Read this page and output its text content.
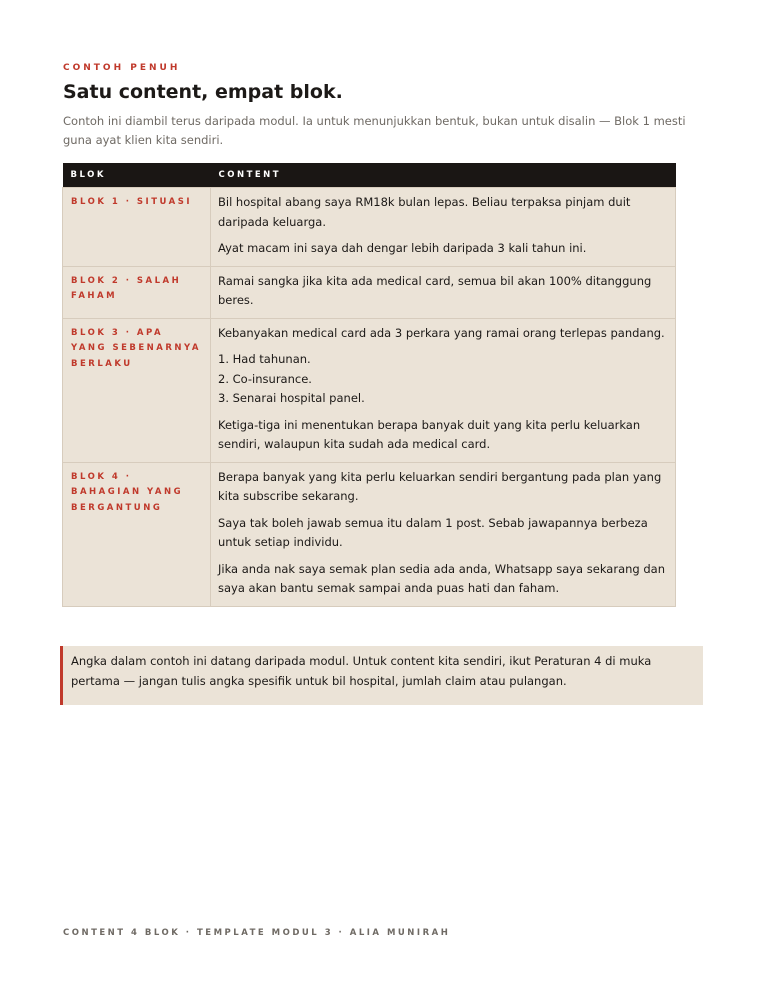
CONTOH PENUH
Satu content, empat blok.

Contoh ini diambil terus daripada modul. Ia untuk menunjukkan bentuk, bukan untuk disalin — Blok 1 mesti guna ayat klien kita sendiri.

BLOK	CONTENT
BLOK 1 · SITUASI	Bil hospital abang saya RM18k bulan lepas. Beliau terpaksa pinjam duit daripada keluarga.

Ayat macam ini saya dah dengar lebih daripada 3 kali tahun ini.

BLOK 2 · SALAH FAHAM	Ramai sangka jika kita ada medical card, semua bil akan 100% ditanggung beres.

BLOK 3 · APA YANG SEBENARNYA BERLAKU	Kebanyakan medical card ada 3 perkara yang ramai orang terlepas pandang.

1. Had tahunan.
2. Co-insurance.
3. Senarai hospital panel.

Ketiga-tiga ini menentukan berapa banyak duit yang kita perlu keluarkan sendiri, walaupun kita sudah ada medical card.

BLOK 4 · BAHAGIAN YANG BERGANTUNG	Berapa banyak yang kita perlu keluarkan sendiri bergantung pada plan yang kita subscribe sekarang.

Saya tak boleh jawab semua itu dalam 1 post. Sebab jawapannya berbeza untuk setiap individu.

Jika anda nak saya semak plan sedia ada anda, Whatsapp saya sekarang dan saya akan bantu semak sampai anda puas hati dan faham.

Angka dalam contoh ini datang daripada modul. Untuk content kita sendiri, ikut Peraturan 4 di muka pertama — jangan tulis angka spesifik untuk bil hospital, jumlah claim atau pulangan.
CONTENT 4 BLOK · TEMPLATE MODUL 3 · ALIA MUNIRAH
